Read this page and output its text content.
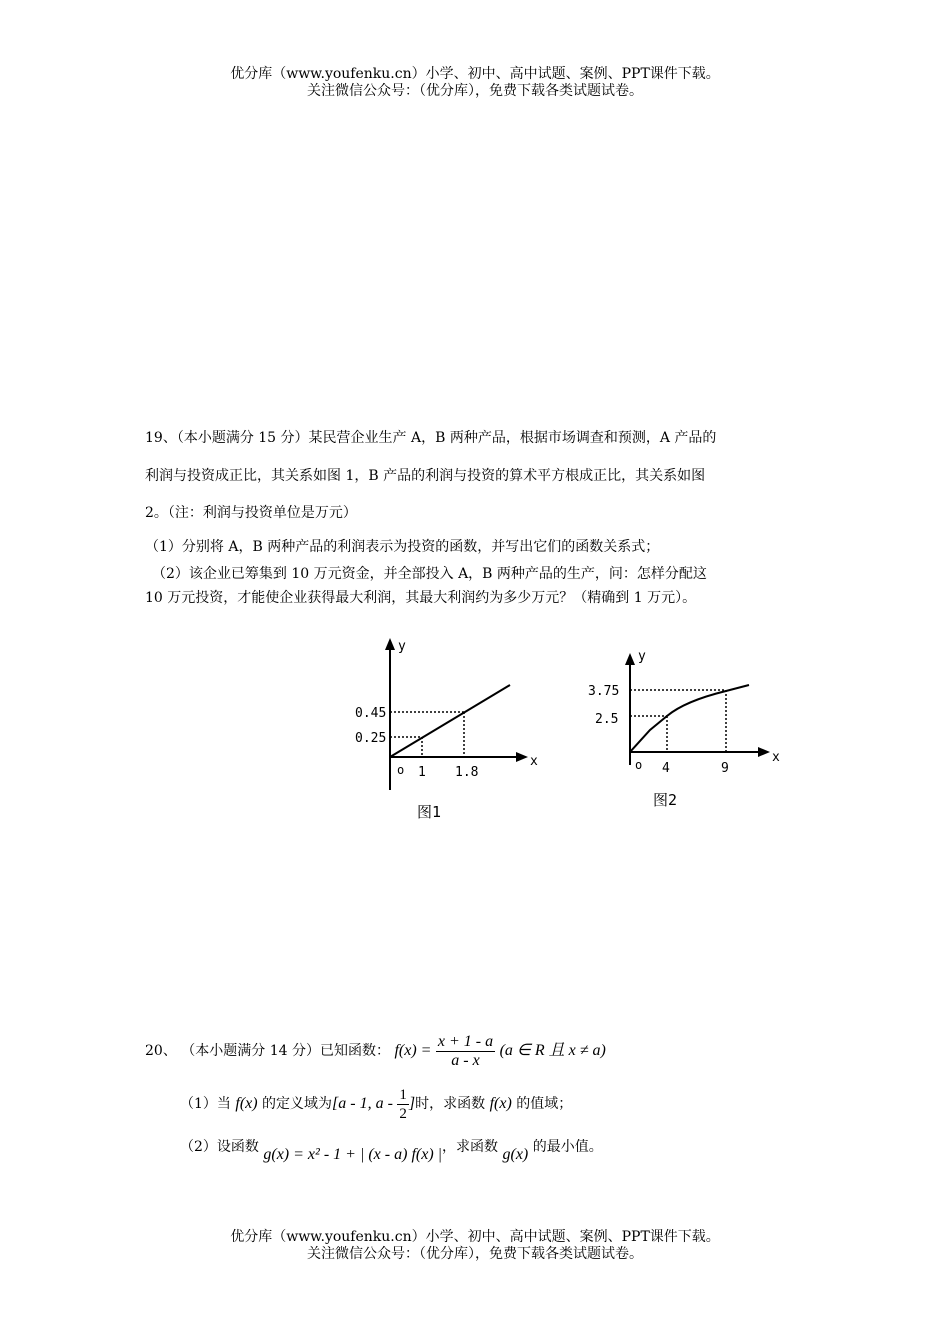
优分库（www.youfenku.cn）小学、初中、高中试题、案例、PPT课件下载。
关注微信公众号：（优分库），免费下载各类试题试卷。
19、（本小题满分 15 分）某民营企业生产 A，B 两种产品，根据市场调查和预测，A 产品的
利润与投资成正比，其关系如图 1，B 产品的利润与投资的算术平方根成正比，其关系如图
2。（注：利润与投资单位是万元）
（1）分别将 A，B 两种产品的利润表示为投资的函数，并写出它们的函数关系式；
（2）该企业已筹集到 10 万元资金，并全部投入 A，B 两种产品的生产，问：怎样分配这
10 万元投资，才能使企业获得最大利润，其最大利润约为多少万元？（精确到 1 万元）。
y
x
o
0.45
0.25
1 1.8
图1
y
x
o
3.75
2.5
4	9
图2
20、 （本小题满分 14 分）已知函数： $f(x) = \frac{x + 1 - a}{a - x} (a$ ∈ R 且 x ≠ a)
（1）当 f(x) 的定义域为[a - 1, a - $\frac{1}{2}$ ]时，求函数 f(x) 的值域；
（2）设函数 g(x) = x² - 1 + | (x - a) f(x) |，求函数 g(x) 的最小值。
优分库（www.youfenku.cn）小学、初中、高中试题、案例、PPT课件下载。
关注微信公众号：（优分库），免费下载各类试题试卷。
